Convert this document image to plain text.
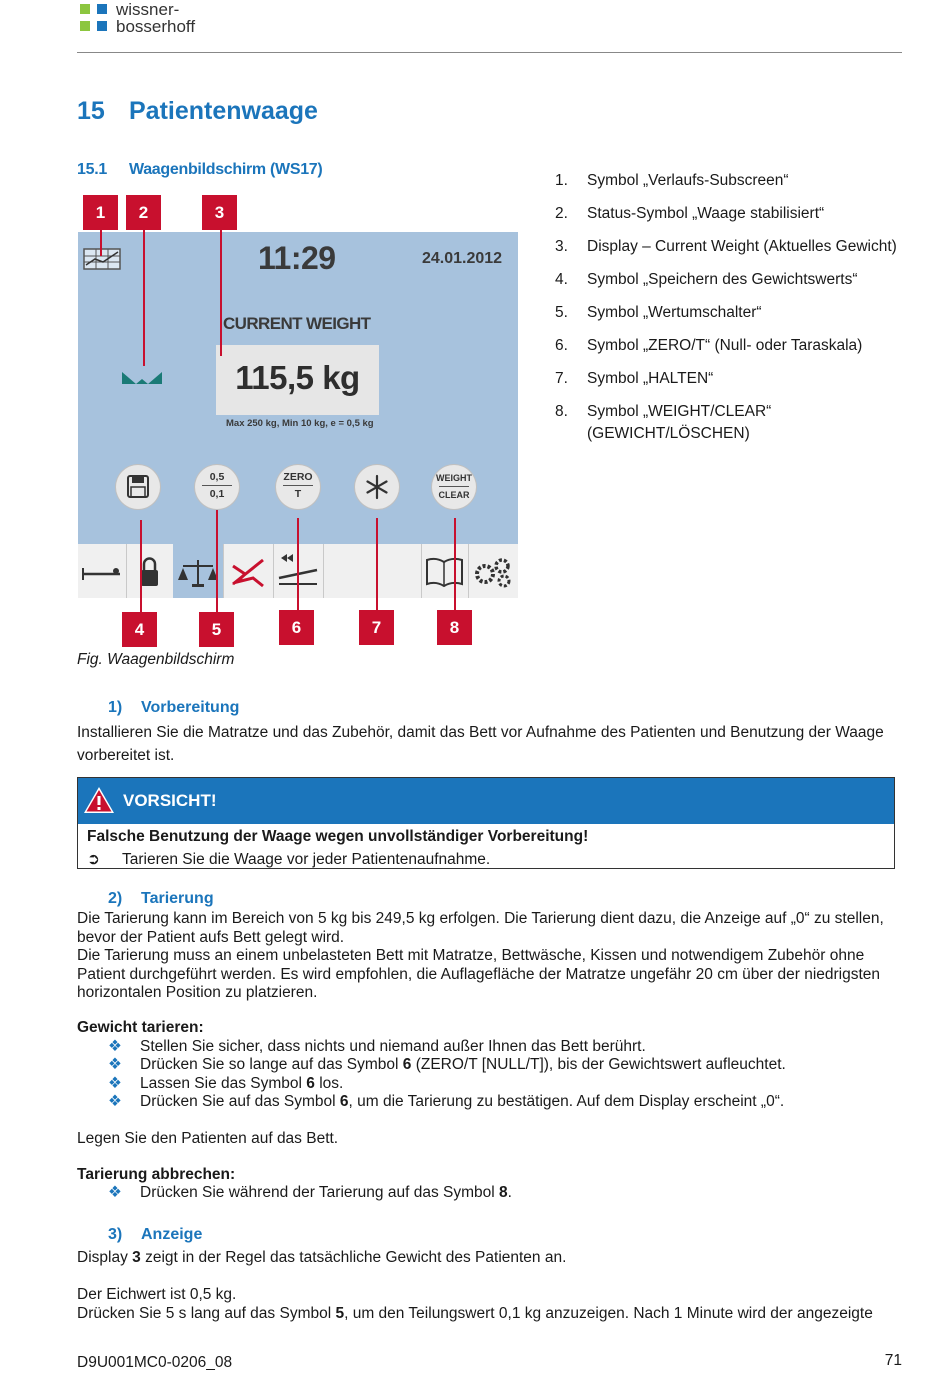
wissner-
bosserhoff
15 Patientenwaage
15.1 Waagenbildschirm (WS17)
1. Symbol „Verlaufs-Subscreen“
2. Status-Symbol „Waage stabilisiert“
3. Display – Current Weight (Aktuelles Gewicht)
4. Symbol „Speichern des Gewichtswerts“
5. Symbol „Wertumschalter“
6. Symbol „ZERO/T“ (Null- oder Taraskala)
7. Symbol „HALTEN“
8. Symbol „WEIGHT/CLEAR“ (GEWICHT/LÖSCHEN)
11:29	24.01.2012
CURRENT WEIGHT
115,5 kg
Max 250 kg, Min 10 kg, e = 0,5 kg
0,5
0,1
ZERO
T
WEIGHT
CLEAR
1	2	3
4	5	6	7	8
Fig. Waagenbildschirm
1) Vorbereitung
Installieren Sie die Matratze und das Zubehör, damit das Bett vor Aufnahme des Patienten und Benutzung der Waage vorbereitet ist.
VORSICHT!
Falsche Benutzung der Waage wegen unvollständiger Vorbereitung!
➲ Tarieren Sie die Waage vor jeder Patientenaufnahme.
2) Tarierung
Die Tarierung kann im Bereich von 5 kg bis 249,5 kg erfolgen. Die Tarierung dient dazu, die Anzeige auf „0“ zu stellen, bevor der Patient aufs Bett gelegt wird.
Die Tarierung muss an einem unbelasteten Bett mit Matratze, Bettwäsche, Kissen und notwendigem Zubehör ohne Patient durchgeführt werden. Es wird empfohlen, die Auflagefläche der Matratze ungefähr 20 cm über der niedrigsten horizontalen Position zu platzieren.
Gewicht tarieren:
❖ Stellen Sie sicher, dass nichts und niemand außer Ihnen das Bett berührt.
❖ Drücken Sie so lange auf das Symbol 6 (ZERO/T [NULL/T]), bis der Gewichtswert aufleuchtet.
❖ Lassen Sie das Symbol 6 los.
❖ Drücken Sie auf das Symbol 6, um die Tarierung zu bestätigen. Auf dem Display erscheint „0“.
Legen Sie den Patienten auf das Bett.
Tarierung abbrechen:
❖ Drücken Sie während der Tarierung auf das Symbol 8.
3) Anzeige
Display 3 zeigt in der Regel das tatsächliche Gewicht des Patienten an.
Der Eichwert ist 0,5 kg.
Drücken Sie 5 s lang auf das Symbol 5, um den Teilungswert 0,1 kg anzuzeigen. Nach 1 Minute wird der angezeigte
D9U001MC0-0206_08	71
